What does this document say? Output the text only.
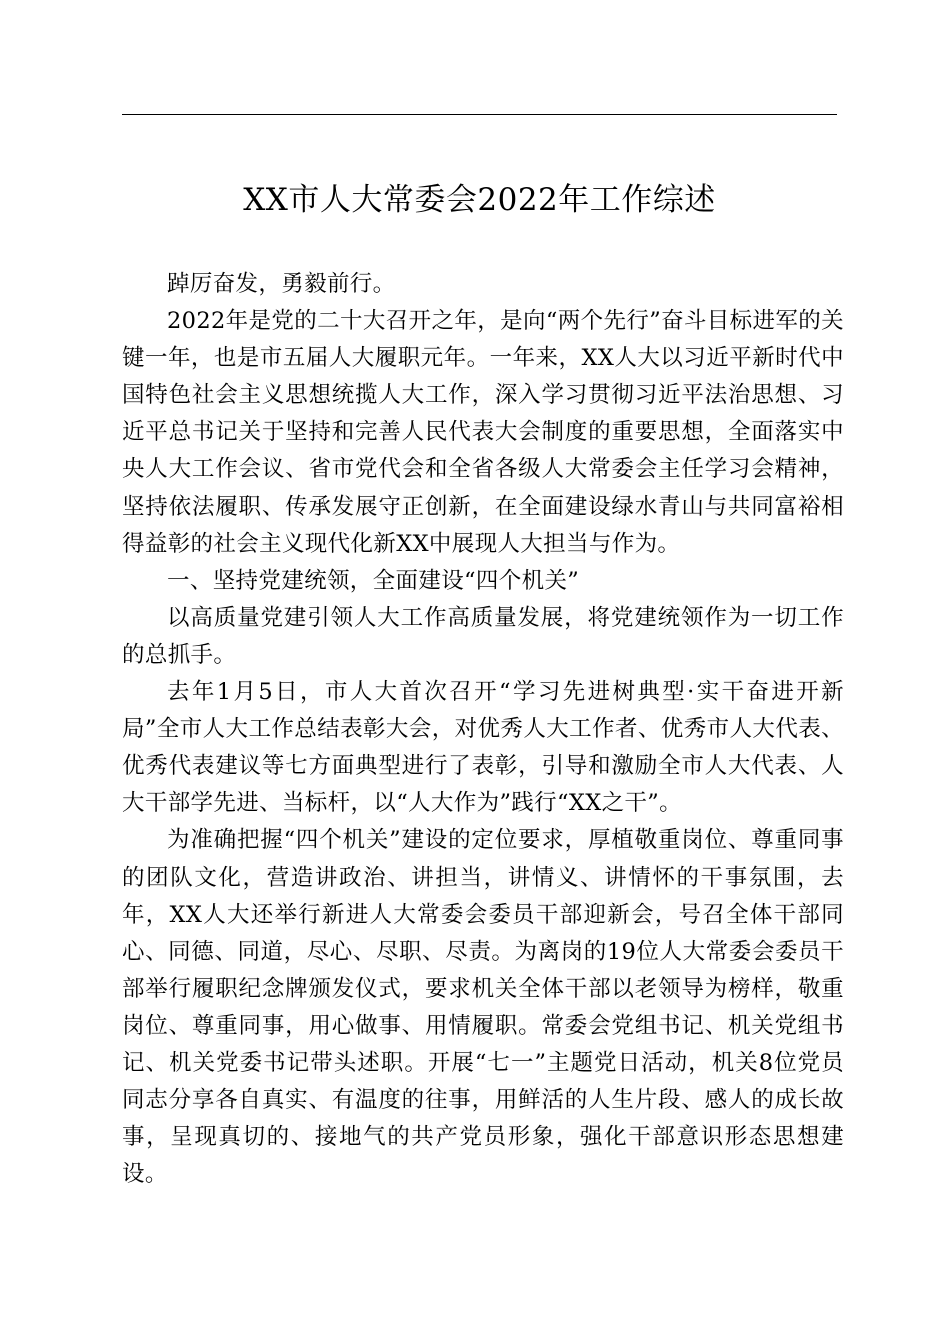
XX市人大常委会2022年工作综述

踔厉奋发，勇毅前行。

2022年是党的二十大召开之年，是向“两个先行”奋斗目标进军的关键一年，也是市五届人大履职元年。一年来，XX人大以习近平新时代中国特色社会主义思想统揽人大工作，深入学习贯彻习近平法治思想、习近平总书记关于坚持和完善人民代表大会制度的重要思想，全面落实中央人大工作会议、省市党代会和全省各级人大常委会主任学习会精神，坚持依法履职、传承发展守正创新，在全面建设绿水青山与共同富裕相得益彰的社会主义现代化新XX中展现人大担当与作为。

一、坚持党建统领，全面建设“四个机关”

以高质量党建引领人大工作高质量发展，将党建统领作为一切工作的总抓手。

去年1月5日，市人大首次召开“学习先进树典型·实干奋进开新局”全市人大工作总结表彰大会，对优秀人大工作者、优秀市人大代表、优秀代表建议等七方面典型进行了表彰，引导和激励全市人大代表、人大干部学先进、当标杆，以“人大作为”践行“XX之干”。

为准确把握“四个机关”建设的定位要求，厚植敬重岗位、尊重同事的团队文化，营造讲政治、讲担当，讲情义、讲情怀的干事氛围，去年，XX人大还举行新进人大常委会委员干部迎新会，号召全体干部同心、同德、同道，尽心、尽职、尽责。为离岗的19位人大常委会委员干部举行履职纪念牌颁发仪式，要求机关全体干部以老领导为榜样，敬重岗位、尊重同事，用心做事、用情履职。常委会党组书记、机关党组书记、机关党委书记带头述职。开展“七一”主题党日活动，机关8位党员同志分享各自真实、有温度的往事，用鲜活的人生片段、感人的成长故事，呈现真切的、接地气的共产党员形象，强化干部意识形态思想建设。
